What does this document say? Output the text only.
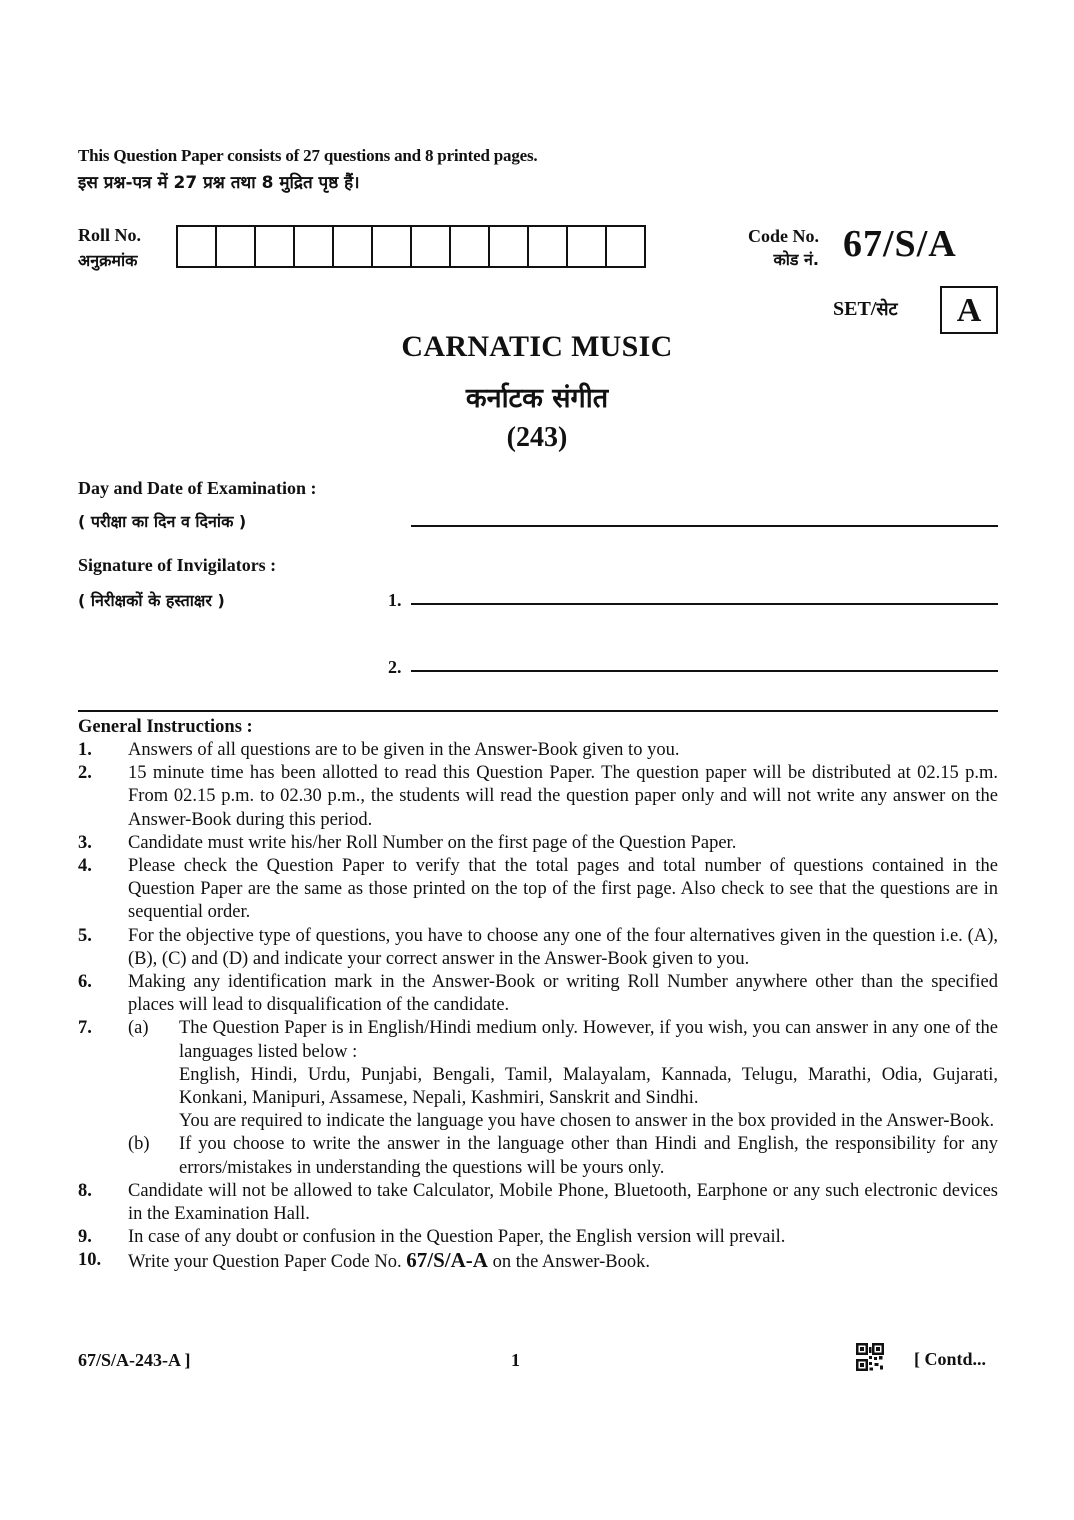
This Question Paper consists of 27 questions and 8 printed pages.
इस प्रश्न-पत्र में 27 प्रश्न तथा 8 मुद्रित पृष्ठ हैं।
Roll No.
अनुक्रमांक
Code No.
कोड नं. 67/S/A
SET/सेट	A
CARNATIC MUSIC
कर्नाटक संगीत
(243)
Day and Date of Examination :
( परीक्षा का दिन व दिनांक )
Signature of Invigilators :
( निरीक्षकों के हस्ताक्षर )	1.
2.
General Instructions :
1.	Answers of all questions are to be given in the Answer-Book given to you.
2.	15 minute time has been allotted to read this Question Paper. The question paper will be distributed at 02.15 p.m. From 02.15 p.m. to 02.30 p.m., the students will read the question paper only and will not write any answer on the Answer-Book during this period.
3.	Candidate must write his/her Roll Number on the first page of the Question Paper.
4.	Please check the Question Paper to verify that the total pages and total number of questions contained in the Question Paper are the same as those printed on the top of the first page. Also check to see that the questions are in sequential order.
5.	For the objective type of questions, you have to choose any one of the four alternatives given in the question i.e. (A), (B), (C) and (D) and indicate your correct answer in the Answer-Book given to you.
6.	Making any identification mark in the Answer-Book or writing Roll Number anywhere other than the specified places will lead to disqualification of the candidate.
7.	(a)	The Question Paper is in English/Hindi medium only. However, if you wish, you can answer in any one of the languages listed below :
English, Hindi, Urdu, Punjabi, Bengali, Tamil, Malayalam, Kannada, Telugu, Marathi, Odia, Gujarati, Konkani, Manipuri, Assamese, Nepali, Kashmiri, Sanskrit and Sindhi.
You are required to indicate the language you have chosen to answer in the box provided in the Answer-Book.
(b)	If you choose to write the answer in the language other than Hindi and English, the responsibility for any errors/mistakes in understanding the questions will be yours only.
8.	Candidate will not be allowed to take Calculator, Mobile Phone, Bluetooth, Earphone or any such electronic devices in the Examination Hall.
9.	In case of any doubt or confusion in the Question Paper, the English version will prevail.
10.	Write your Question Paper Code No. 67/S/A-A on the Answer-Book.
67/S/A-243-A ]	1	[ Contd...
